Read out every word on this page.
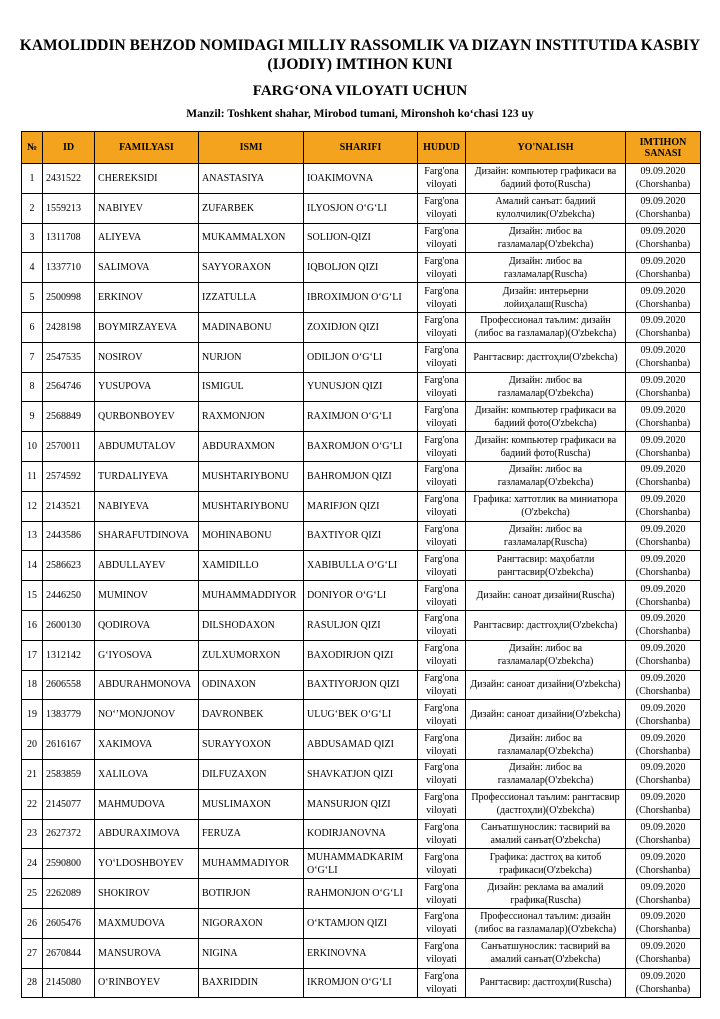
KAMOLIDDIN BEHZOD NOMIDAGI MILLIY RASSOMLIK VA DIZAYN INSTITUTIDA KASBIY
(IJODIY) IMTIHON KUNI
FARG‘ONA VILOYATI UCHUN
Manzil: Toshkent shahar, Mirobod tumani, Mironshoh ko‘chasi 123 uy
№	ID	FAMILYASI	ISMI	SHARIFI	HUDUD	YO'NALISH	IMTIHON SANASI
1	2431522	CHEREKSIDI	ANASTASIYA	IOAKIMOVNA	Farg'ona viloyati	Дизайн: компьютер графикаси ва бадиий фото(Ruscha)	09.09.2020 (Chorshanba)
2	1559213	NABIYEV	ZUFARBEK	ILYOSJON O‘G‘LI	Farg'ona viloyati	Амалий санъат: бадиий кулолчилик(O'zbekcha)	09.09.2020 (Chorshanba)
3	1311708	ALIYEVA	MUKAMMALXON	SOLIJON-QIZI	Farg'ona viloyati	Дизайн: либос ва газламалар(O'zbekcha)	09.09.2020 (Chorshanba)
4	1337710	SALIMOVA	SAYYORAXON	IQBOLJON QIZI	Farg'ona viloyati	Дизайн: либос ва газламалар(Ruscha)	09.09.2020 (Chorshanba)
5	2500998	ERKINOV	IZZATULLA	IBROXIMJON O‘G‘LI	Farg'ona viloyati	Дизайн: интерьерни лойиҳалаш(Ruscha)	09.09.2020 (Chorshanba)
6	2428198	BOYMIRZAYEVA	MADINABONU	ZOXIDJON QIZI	Farg'ona viloyati	Профессионал таълим: дизайн (либос ва газламалар)(O'zbekcha)	09.09.2020 (Chorshanba)
7	2547535	NOSIROV	NURJON	ODILJON O‘G‘LI	Farg'ona viloyati	Рангтасвир: дастгоҳли(O'zbekcha)	09.09.2020 (Chorshanba)
8	2564746	YUSUPOVA	ISMIGUL	YUNUSJON QIZI	Farg'ona viloyati	Дизайн: либос ва газламалар(O'zbekcha)	09.09.2020 (Chorshanba)
9	2568849	QURBONBOYEV	RAXMONJON	RAXIMJON O‘G‘LI	Farg'ona viloyati	Дизайн: компьютер графикаси ва бадиий фото(O'zbekcha)	09.09.2020 (Chorshanba)
10	2570011	ABDUMUTALOV	ABDURAXMON	BAXROMJON O‘G‘LI	Farg'ona viloyati	Дизайн: компьютер графикаси ва бадиий фото(Ruscha)	09.09.2020 (Chorshanba)
11	2574592	TURDALIYEVA	MUSHTARIYBONU	BAHROMJON QIZI	Farg'ona viloyati	Дизайн: либос ва газламалар(O'zbekcha)	09.09.2020 (Chorshanba)
12	2143521	NABIYEVA	MUSHTARIYBONU	MARIFJON QIZI	Farg'ona viloyati	Графика: хаттотлик ва миниатюра (O'zbekcha)	09.09.2020 (Chorshanba)
13	2443586	SHARAFUTDINOVA	MOHINABONU	BAXTIYOR QIZI	Farg'ona viloyati	Дизайн: либос ва газламалар(Ruscha)	09.09.2020 (Chorshanba)
14	2586623	ABDULLAYEV	XAMIDILLO	XABIBULLA O‘G‘LI	Farg'ona viloyati	Рангтасвир: маҳобатли рангтасвир(O'zbekcha)	09.09.2020 (Chorshanba)
15	2446250	MUMINOV	MUHAMMADDIYOR	DONIYOR O‘G‘LI	Farg'ona viloyati	Дизайн: саноат дизайни(Ruscha)	09.09.2020 (Chorshanba)
16	2600130	QODIROVA	DILSHODAXON	RASULJON QIZI	Farg'ona viloyati	Рангтасвир: дастгоҳли(O'zbekcha)	09.09.2020 (Chorshanba)
17	1312142	G‘IYOSOVA	ZULXUMORXON	BAXODIRJON QIZI	Farg'ona viloyati	Дизайн: либос ва газламалар(O'zbekcha)	09.09.2020 (Chorshanba)
18	2606558	ABDURAHMONOVA	ODINAXON	BAXTIYORJON QIZI	Farg'ona viloyati	Дизайн: саноат дизайни(O'zbekcha)	09.09.2020 (Chorshanba)
19	1383779	NO‘’MONJONOV	DAVRONBEK	ULUG‘BEK O‘G‘LI	Farg'ona viloyati	Дизайн: саноат дизайни(O'zbekcha)	09.09.2020 (Chorshanba)
20	2616167	XAKIMOVA	SURAYYOXON	ABDUSAMAD QIZI	Farg'ona viloyati	Дизайн: либос ва газламалар(O'zbekcha)	09.09.2020 (Chorshanba)
21	2583859	XALILOVA	DILFUZAXON	SHAVKATJON QIZI	Farg'ona viloyati	Дизайн: либос ва газламалар(O'zbekcha)	09.09.2020 (Chorshanba)
22	2145077	MAHMUDOVA	MUSLIMAXON	MANSURJON QIZI	Farg'ona viloyati	Профессионал таълим: рангтасвир (дастгоҳли)(O'zbekcha)	09.09.2020 (Chorshanba)
23	2627372	ABDURAXIMOVA	FERUZA	KODIRJANOVNA	Farg'ona viloyati	Санъатшунослик: тасвирий ва амалий санъат(O'zbekcha)	09.09.2020 (Chorshanba)
24	2590800	YO‘LDOSHBOYEV	MUHAMMADIYOR	MUHAMMADKARIM O‘G‘LI	Farg'ona viloyati	Графика: дастгоҳ ва китоб графикаси(O'zbekcha)	09.09.2020 (Chorshanba)
25	2262089	SHOKIROV	BOTIRJON	RAHMONJON O‘G‘LI	Farg'ona viloyati	Дизайн: реклама ва амалий графика(Ruscha)	09.09.2020 (Chorshanba)
26	2605476	MAXMUDOVA	NIGORAXON	O‘KTAMJON QIZI	Farg'ona viloyati	Профессионал таълим: дизайн (либос ва газламалар)(O'zbekcha)	09.09.2020 (Chorshanba)
27	2670844	MANSUROVA	NIGINA	ERKINOVNA	Farg'ona viloyati	Санъатшунослик: тасвирий ва амалий санъат(O'zbekcha)	09.09.2020 (Chorshanba)
28	2145080	O‘RINBOYEV	BAXRIDDIN	IKROMJON O‘G‘LI	Farg'ona viloyati	Рангтасвир: дастгоҳли(Ruscha)	09.09.2020 (Chorshanba)
